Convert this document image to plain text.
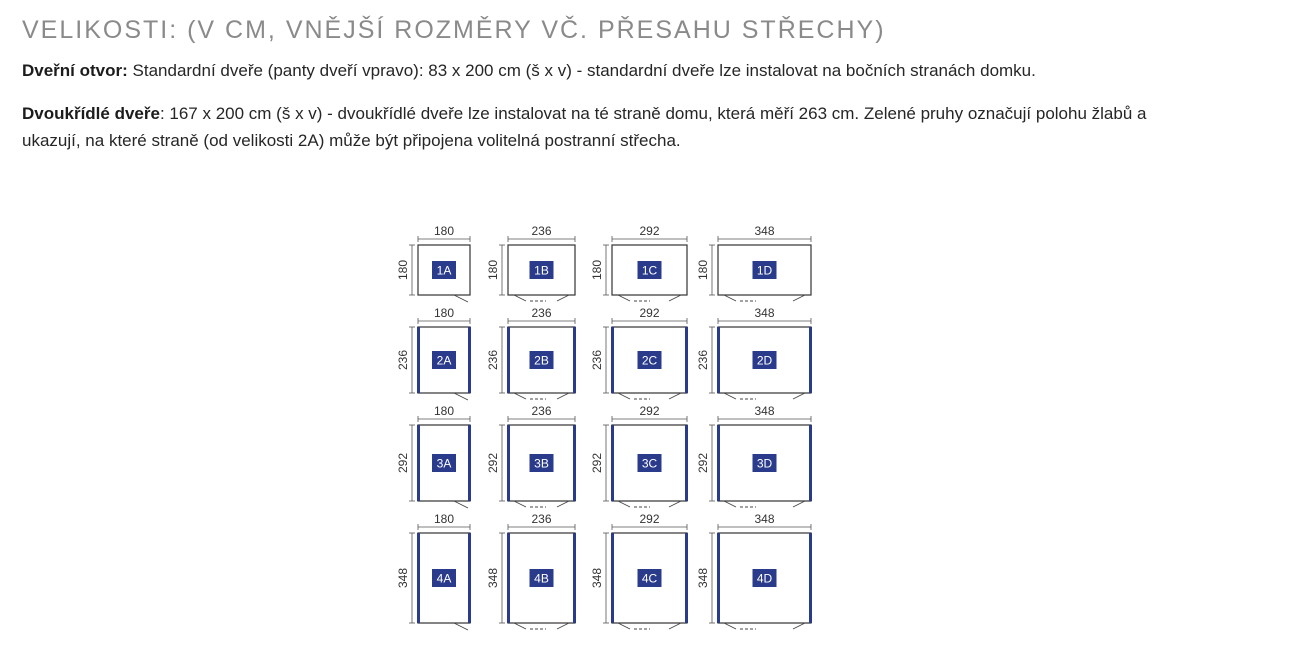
VELIKOSTI: (V CM, VNĚJŠÍ ROZMĚRY VČ. PŘESAHU STŘECHY)

Dveřní otvor: Standardní dveře (panty dveří vpravo): 83 x 200 cm (š x v) - standardní dveře lze instalovat na bočních stranách domku.

Dvoukřídlé dveře: 167 x 200 cm (š x v) - dvoukřídlé dveře lze instalovat na té straně domu, která měří 263 cm. Zelené pruhy označují polohu žlabů a ukazují, na které straně (od velikosti 2A) může být připojena volitelná postranní střecha.

180
180 1A
236
180	1B
292
180	1C
348
180	1D
180
236 2A
236
236	2B
292
236	2C
348
236	2D
180
292 3A
236
292	3B
292
292	3C
348
292	3D
180
348 4A
236
348	4B
292
348	4C
348
348	4D
